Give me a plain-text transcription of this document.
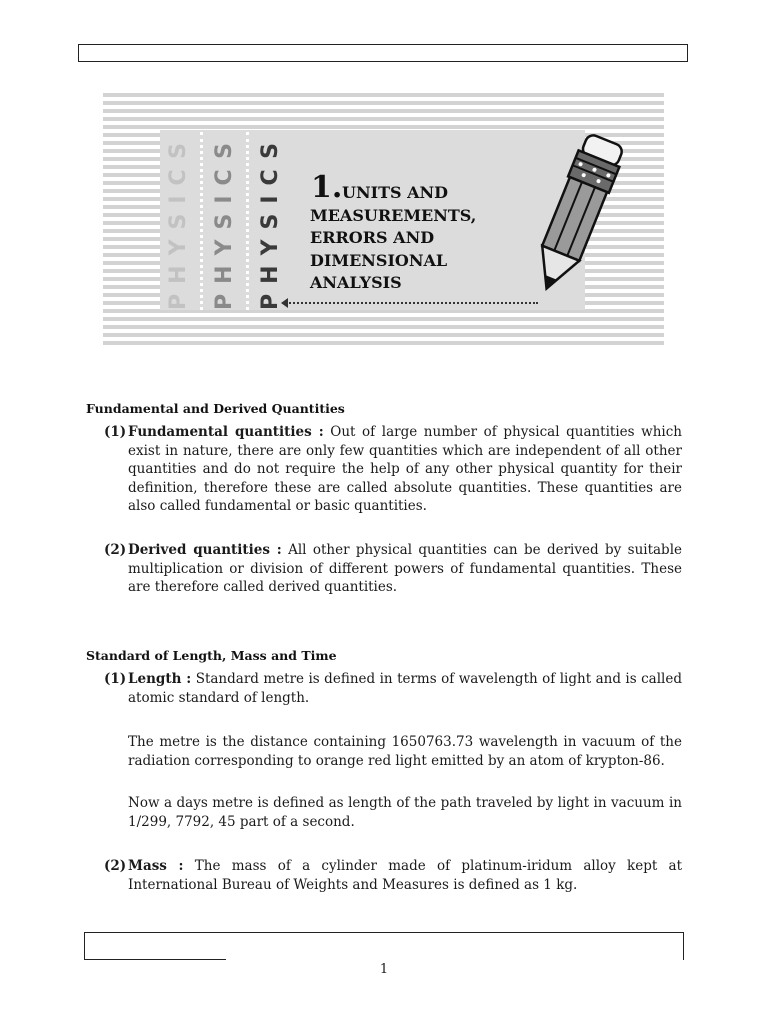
PHYSICS PHYSICS PHYSICS 1. UNITS AND
MEASUREMENTS,
ERRORS AND
DIMENSIONAL
ANALYSIS
Fundamental and Derived Quantities
(1) Fundamental quantities : Out of large number of physical quantities which exist in nature, there are only few quantities which are independent of all other quantities and do not require the help of any other physical quantity for their definition, therefore these are called absolute quantities. These quantities are also called fundamental or basic quantities.
(2) Derived quantities : All other physical quantities can be derived by suitable multiplication or division of different powers of fundamental quantities. These are therefore called derived quantities.
Standard of Length, Mass and Time
(1) Length : Standard metre is defined in terms of wavelength of light and is called atomic standard of length.
The metre is the distance containing 1650763.73 wavelength in vacuum of the radiation corresponding to orange red light emitted by an atom of krypton-86.
Now a days metre is defined as length of the path traveled by light in vacuum in 1/299, 7792, 45 part of a second.
(2) Mass : The mass of a cylinder made of platinum-iridum alloy kept at International Bureau of Weights and Measures is defined as 1 kg.
1
